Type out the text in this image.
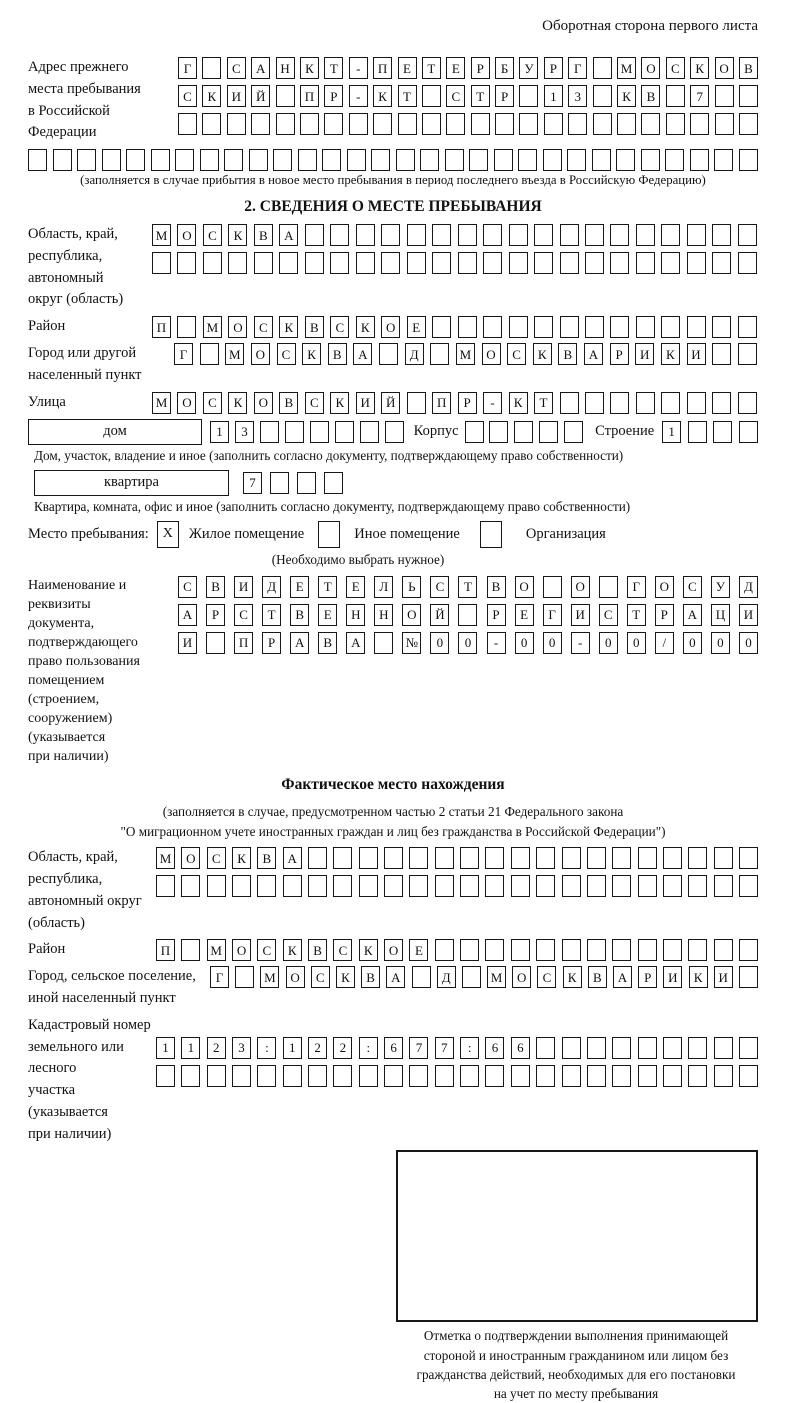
Оборотная сторона первого листа
Адрес прежнего
места пребывания
в Российской
Федерации
Г	С	А	Н	К	Т	-	П	Е	Т	Е	Р	Б	У	Р	Г	М	О	С	К	О	В
С	К	И	Й	П	Р	-	К	Т	С	Т	Р	1	3	К	В	7
(заполняется в случае прибытия в новое место пребывания в период последнего въезда в Российскую Федерацию)
2. СВЕДЕНИЯ О МЕСТЕ ПРЕБЫВАНИЯ
Область, край,
республика,
автономный
округ (область)
М	О	С	К	В	А
Район	П	М	О	С	К	В	С	К	О	Е
Город или другой
населенный пункт
Г	М	О	С	К	В	А	Д	М	О	С	К	В	А	Р	И	К	И
Улица	М	О	С	К	О	В	С	К	И	Й	П	Р	-	К	Т
дом	1	3	Корпус	Строение	1
Дом, участок, владение и иное (заполнить согласно документу, подтверждающему право собственности)
квартира	7
Квартира, комната, офис и иное (заполнить согласно документу, подтверждающему право собственности)
Место пребывания: X	Жилое помещение	Иное помещение	Организация
(Необходимо выбрать нужное)
Наименование и реквизиты
документа, подтверждающего
право пользования
помещением (строением,
сооружением) (указывается
при наличии)
С	В	И	Д	Е	Т	Е	Л	Ь	С	Т	В	О	О	Г	О	С	У	Д
А	Р	С	Т	В	Е	Н	Н	О	Й	Р	Е	Г	И	С	Т	Р	А	Ц	И
И	П	Р	А	В	А	№	0	0	-	0	0	-	0	0	/	0	0	0
Фактическое место нахождения
(заполняется в случае, предусмотренном частью 2 статьи 21 Федерального закона
"О миграционном учете иностранных граждан и лиц без гражданства в Российской Федерации")
Область, край,
республика,
автономный округ
(область)
М	О	С	К	В	А
Район	П	М	О	С	К	В	С	К	О	Е
Город, сельское поселение,
иной населенный пункт
Г	М	О	С	К	В	А	Д	М	О	С	К	В	А	Р	И	К	И
Кадастровый номер
земельного или лесного
участка (указывается
при наличии)
1	1	2	3	:	1	2	2	:	6	7	7	:	6	6
Отметка о подтверждении выполнения принимающей
стороной и иностранным гражданином или лицом без
гражданства действий, необходимых для его постановки
на учет по месту пребывания
